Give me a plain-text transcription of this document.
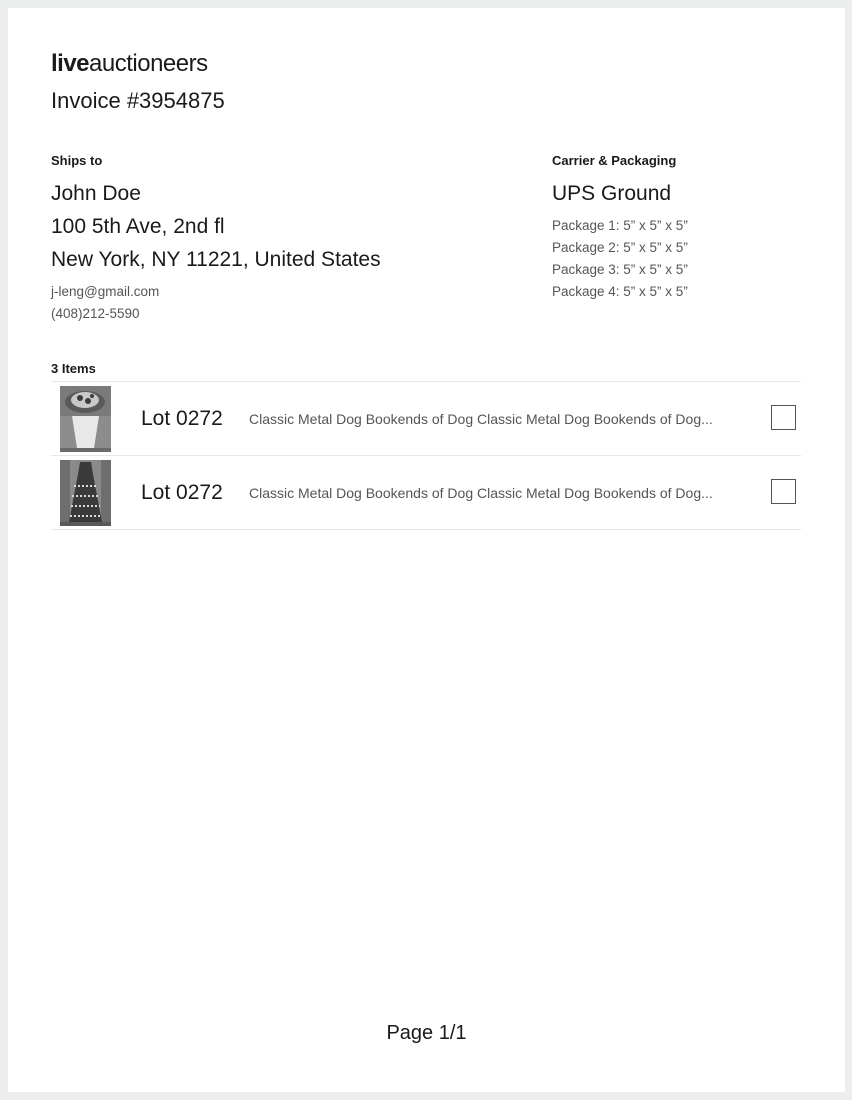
liveauctioneers
Invoice #3954875
Ships to
John Doe
100 5th Ave, 2nd fl
New York, NY 11221, United States
j-leng@gmail.com
(408)212-5590
Carrier & Packaging
UPS Ground
Package 1: 5” x 5” x 5”
Package 2: 5” x 5” x 5”
Package 3: 5” x 5” x 5”
Package 4: 5” x 5” x 5”
3 Items
Lot 0272 Classic Metal Dog Bookends of Dog Classic Metal Dog Bookends of Dog...
Lot 0272 Classic Metal Dog Bookends of Dog Classic Metal Dog Bookends of Dog...
Page 1/1
